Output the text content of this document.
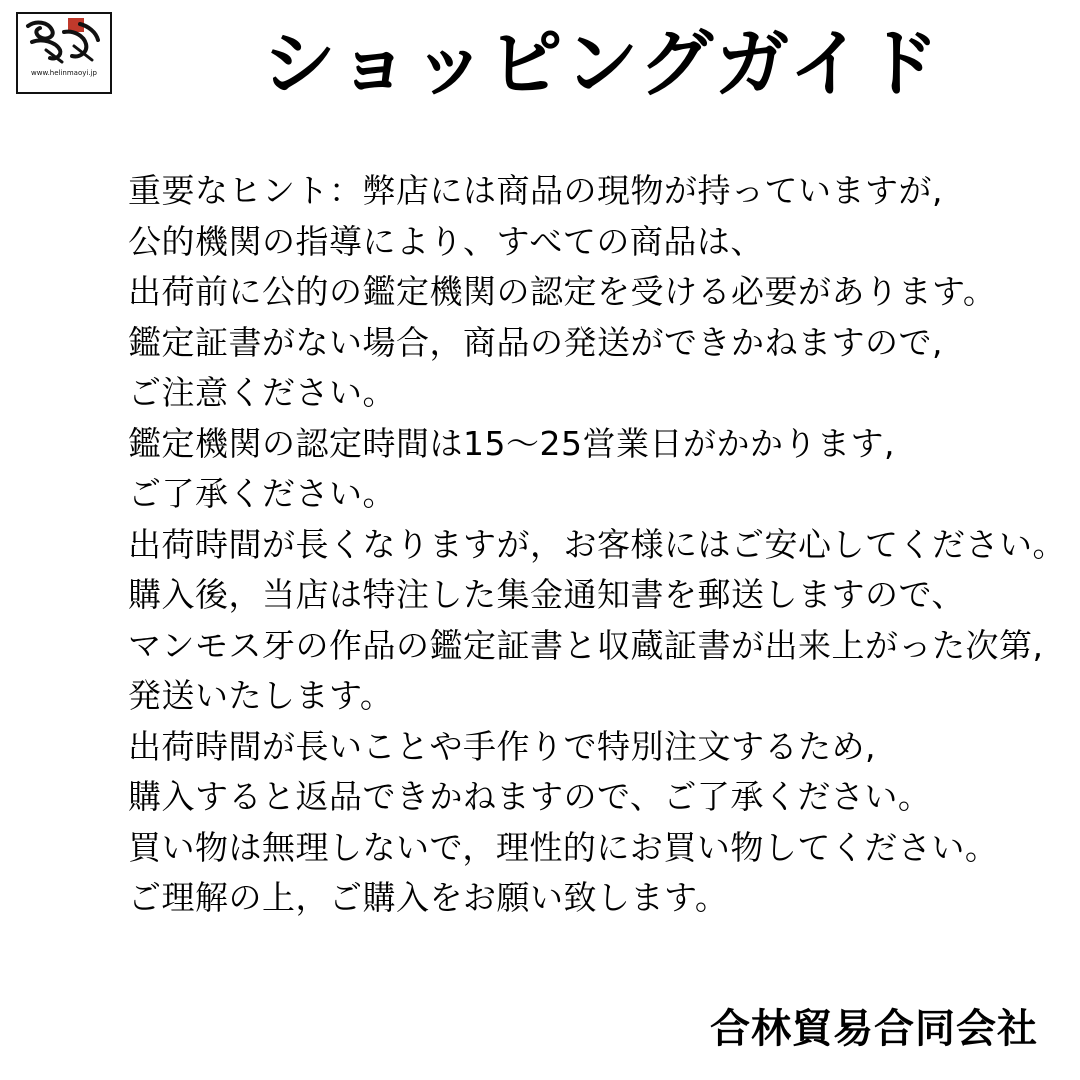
www.helinmaoyi.jp ショッピングガイド
重要なヒント：弊店には商品の現物が持っていますが,
公的機関の指導により、すべての商品は、
出荷前に公的の鑑定機関の認定を受ける必要があります。
鑑定証書がない場合，商品の発送ができかねますので,
ご注意ください。
鑑定機関の認定時間は15〜25営業日がかかります,
ご了承ください。
出荷時間が長くなりますが，お客様にはご安心してください。
購入後，当店は特注した集金通知書を郵送しますので、
マンモス牙の作品の鑑定証書と収蔵証書が出来上がった次第,
発送いたします。
出荷時間が長いことや手作りで特別注文するため,
購入すると返品できかねますので、ご了承ください。
買い物は無理しないで，理性的にお買い物してください。
ご理解の上，ご購入をお願い致します。
合林貿易合同会社
